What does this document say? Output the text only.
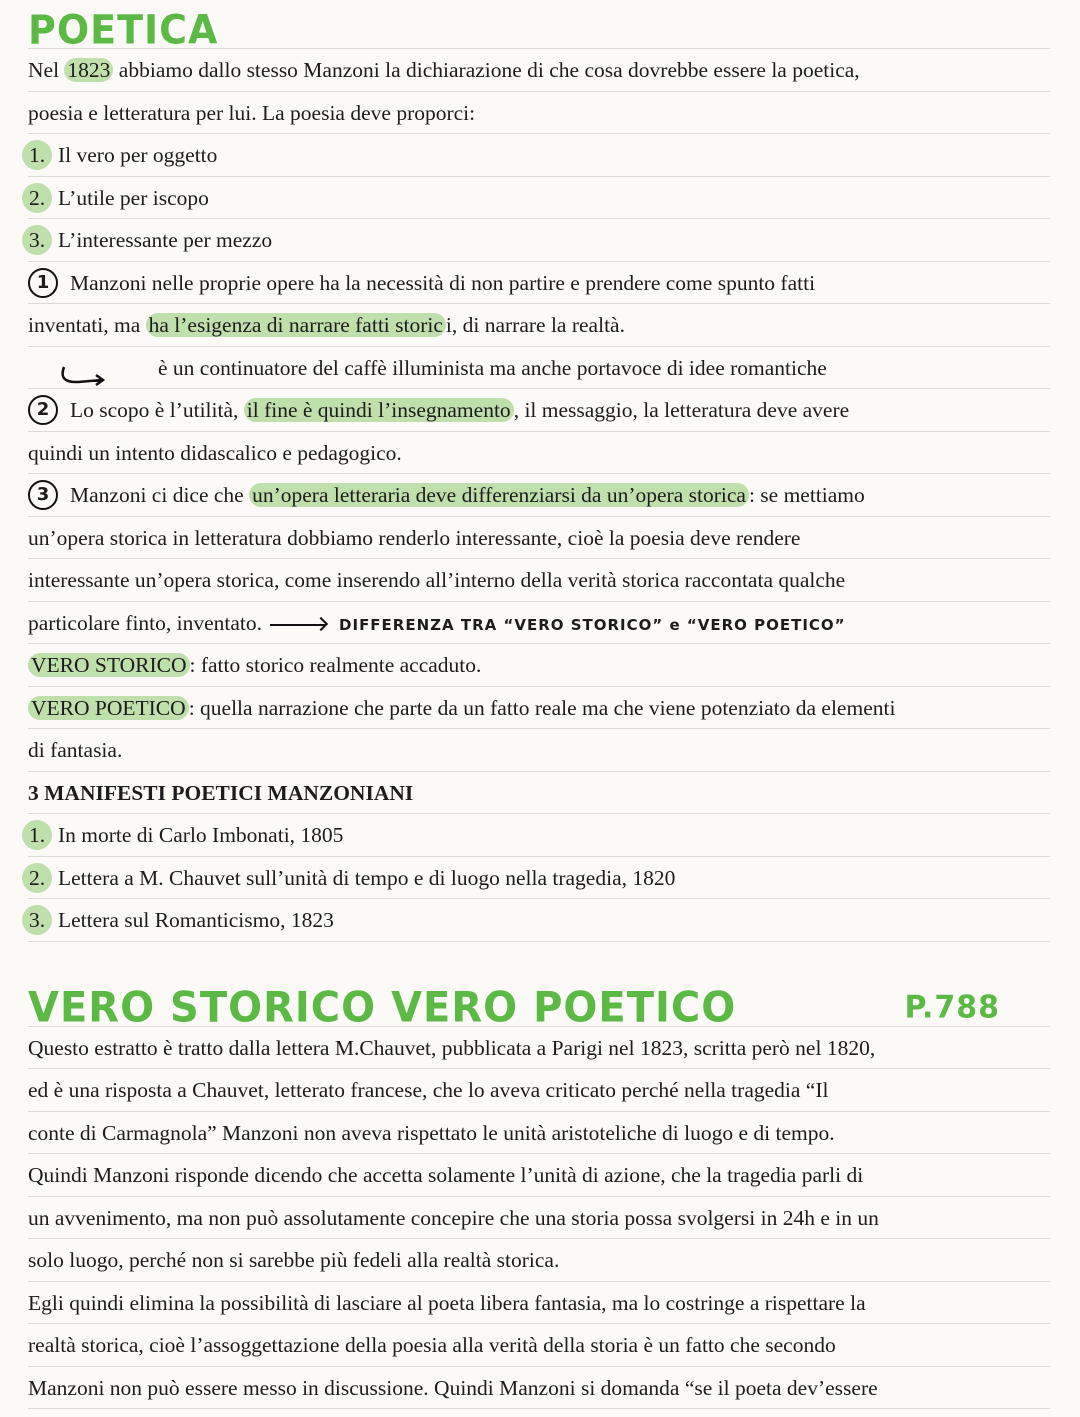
POETICA
Nel 1823 abbiamo dallo stesso Manzoni la dichiarazione di che cosa dovrebbe essere la poetica,
poesia e letteratura per lui. La poesia deve proporci:
1. Il vero per oggetto
2. L’utile per iscopo
3. L’interessante per mezzo
1 Manzoni nelle proprie opere ha la necessità di non partire e prendere come spunto fatti
inventati, ma ha l’esigenza di narrare fatti storic i, di narrare la realtà.
è un continuatore del caffè illuminista ma anche portavoce di idee romantiche
2 Lo scopo è l’utilità, il fine è quindi l’insegnamento , il messaggio, la letteratura deve avere
quindi un intento didascalico e pedagogico.
3 Manzoni ci dice che un’opera letteraria deve differenziarsi da un’opera storica : se mettiamo
un’opera storica in letteratura dobbiamo renderlo interessante, cioè la poesia deve rendere
interessante un’opera storica, come inserendo all’interno della verità storica raccontata qualche
particolare finto, inventato.	DIFFERENZA TRA “VERO STORICO” e “VERO POETICO”
VERO STORICO : fatto storico realmente accaduto.
VERO POETICO : quella narrazione che parte da un fatto reale ma che viene potenziato da elementi
di fantasia.
3 MANIFESTI POETICI MANZONIANI
1. In morte di Carlo Imbonati, 1805
2. Lettera a M. Chauvet sull’unità di tempo e di luogo nella tragedia, 1820
3. Lettera sul Romanticismo, 1823
VERO STORICO VERO POETICO	P.788
Questo estratto è tratto dalla lettera M.Chauvet, pubblicata a Parigi nel 1823, scritta però nel 1820,
ed è una risposta a Chauvet, letterato francese, che lo aveva criticato perché nella tragedia “Il
conte di Carmagnola” Manzoni non aveva rispettato le unità aristoteliche di luogo e di tempo.
Quindi Manzoni risponde dicendo che accetta solamente l’unità di azione, che la tragedia parli di
un avvenimento, ma non può assolutamente concepire che una storia possa svolgersi in 24h e in un
solo luogo, perché non si sarebbe più fedeli alla realtà storica.
Egli quindi elimina la possibilità di lasciare al poeta libera fantasia, ma lo costringe a rispettare la
realtà storica, cioè l’assoggettazione della poesia alla verità della storia è un fatto che secondo
Manzoni non può essere messo in discussione. Quindi Manzoni si domanda “se il poeta dev’essere
